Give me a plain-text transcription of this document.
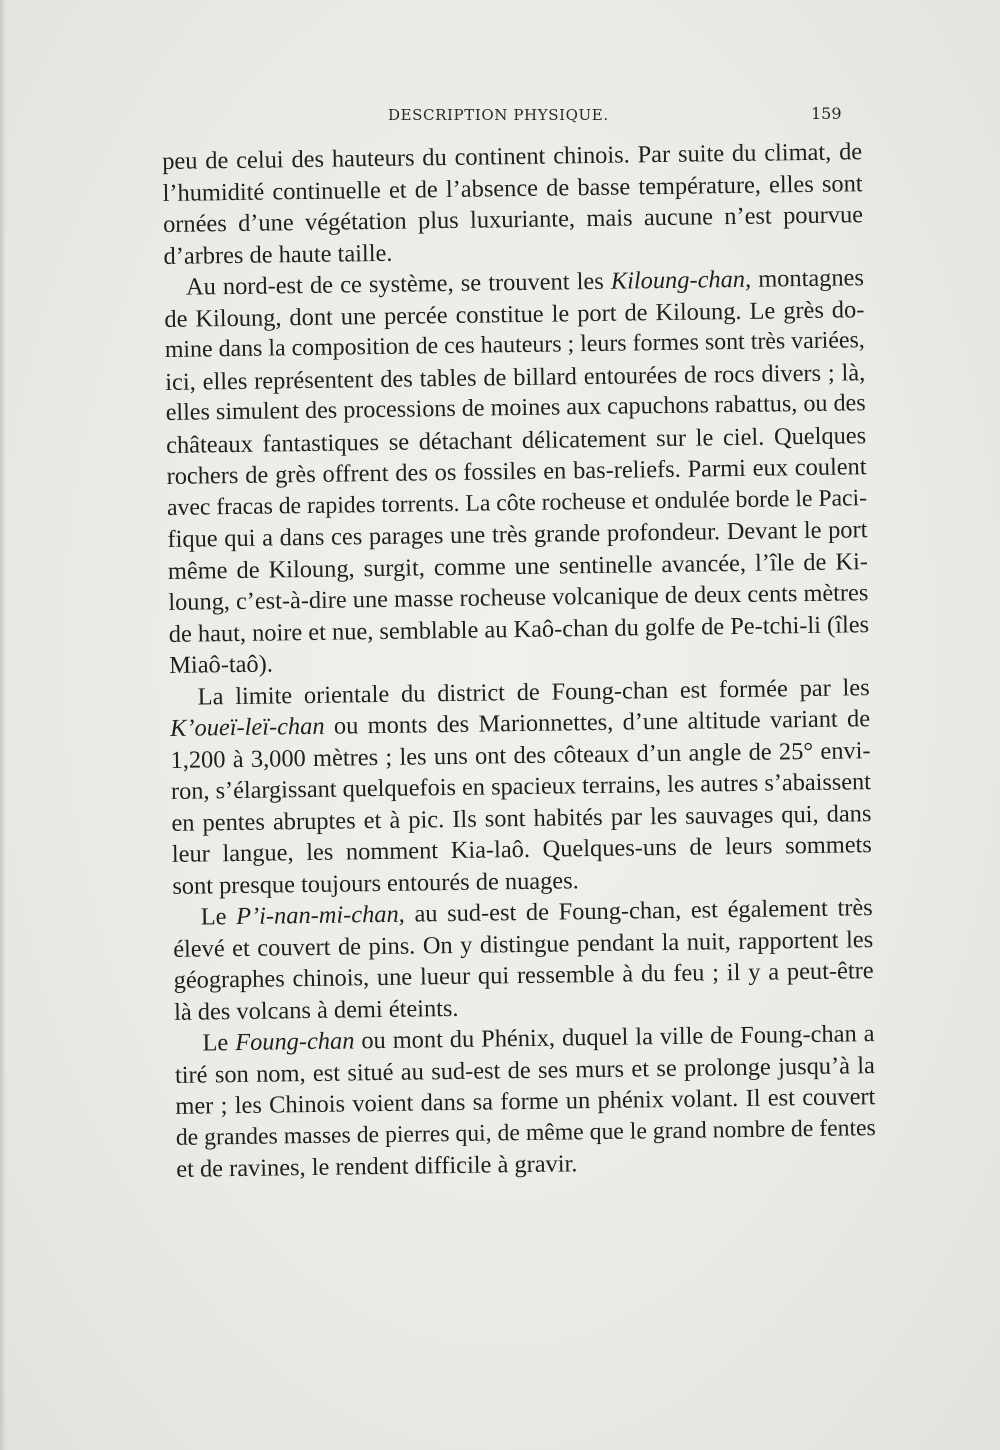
DESCRIPTION PHYSIQUE.	159
peu de celui des hauteurs du continent chinois. Par suite du climat, de
l’humidité continuelle et de l’absence de basse température, elles sont
ornées d’une végétation plus luxuriante, mais aucune n’est pourvue
d’arbres de haute taille.
Au nord-est de ce système, se trouvent les Kiloung-chan, montagnes
de Kiloung, dont une percée constitue le port de Kiloung. Le grès do-
mine dans la composition de ces hauteurs ; leurs formes sont très variées,
ici, elles représentent des tables de billard entourées de rocs divers ; là,
elles simulent des processions de moines aux capuchons rabattus, ou des
châteaux fantastiques se détachant délicatement sur le ciel. Quelques
rochers de grès offrent des os fossiles en bas-reliefs. Parmi eux coulent
avec fracas de rapides torrents. La côte rocheuse et ondulée borde le Paci-
fique qui a dans ces parages une très grande profondeur. Devant le port
même de Kiloung, surgit, comme une sentinelle avancée, l’île de Ki-
loung, c’est-à-dire une masse rocheuse volcanique de deux cents mètres
de haut, noire et nue, semblable au Kaô-chan du golfe de Pe-tchi-li (îles
Miaô-taô).
La limite orientale du district de Foung-chan est formée par les
K’oueï-leï-chan ou monts des Marionnettes, d’une altitude variant de
1,200 à 3,000 mètres ; les uns ont des côteaux d’un angle de 25° envi-
ron, s’élargissant quelquefois en spacieux terrains, les autres s’abaissent
en pentes abruptes et à pic. Ils sont habités par les sauvages qui, dans
leur langue, les nomment Kia-laô. Quelques-uns de leurs sommets
sont presque toujours entourés de nuages.
Le P’i-nan-mi-chan, au sud-est de Foung-chan, est également très
élevé et couvert de pins. On y distingue pendant la nuit, rapportent les
géographes chinois, une lueur qui ressemble à du feu ; il y a peut-être
là des volcans à demi éteints.
Le Foung-chan ou mont du Phénix, duquel la ville de Foung-chan a
tiré son nom, est situé au sud-est de ses murs et se prolonge jusqu’à la
mer ; les Chinois voient dans sa forme un phénix volant. Il est couvert
de grandes masses de pierres qui, de même que le grand nombre de fentes
et de ravines, le rendent difficile à gravir.
